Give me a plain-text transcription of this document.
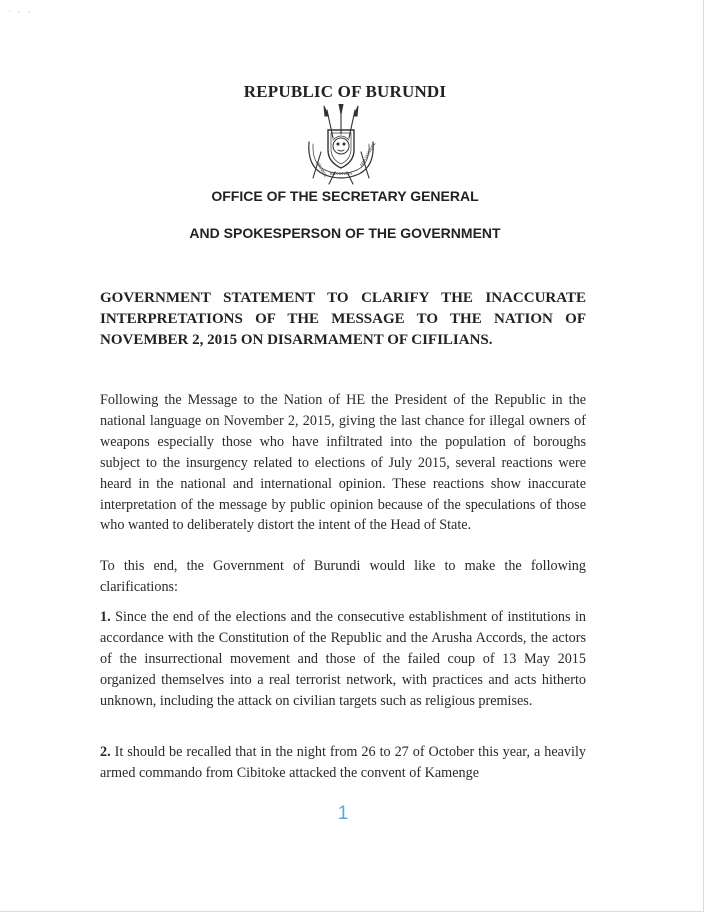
·   -   -
REPUBLIC OF BURUNDI
IBIKORWA
UBUMWE
AMAJAMBERE
OFFICE OF THE SECRETARY GENERAL
AND SPOKESPERSON OF THE GOVERNMENT
GOVERNMENT STATEMENT TO CLARIFY THE INACCURATE INTERPRETATIONS OF THE MESSAGE TO THE NATION OF NOVEMBER 2, 2015 ON DISARMAMENT OF CIFILIANS.

Following the Message to the Nation of HE the President of the Republic in the national language on November 2, 2015, giving the last chance for illegal owners of weapons especially those who have infiltrated into the population of boroughs subject to the insurgency related to elections of July 2015, several reactions were heard in the national and international opinion. These reactions show inaccurate interpretation of the message by public opinion because of the speculations of those who wanted to deliberately distort the intent of the Head of State.

To this end, the Government of Burundi would like to make the following clarifications:

1. Since the end of the elections and the consecutive establishment of institutions in accordance with the Constitution of the Republic and the Arusha Accords, the actors of the insurrectional movement and those of the failed coup of 13 May 2015 organized themselves into a real terrorist network, with practices and acts hitherto unknown, including the attack on civilian targets such as religious premises.

2. It should be recalled that in the night from 26 to 27 of October this year, a heavily armed commando from Cibitoke attacked the convent of Kamenge

1
